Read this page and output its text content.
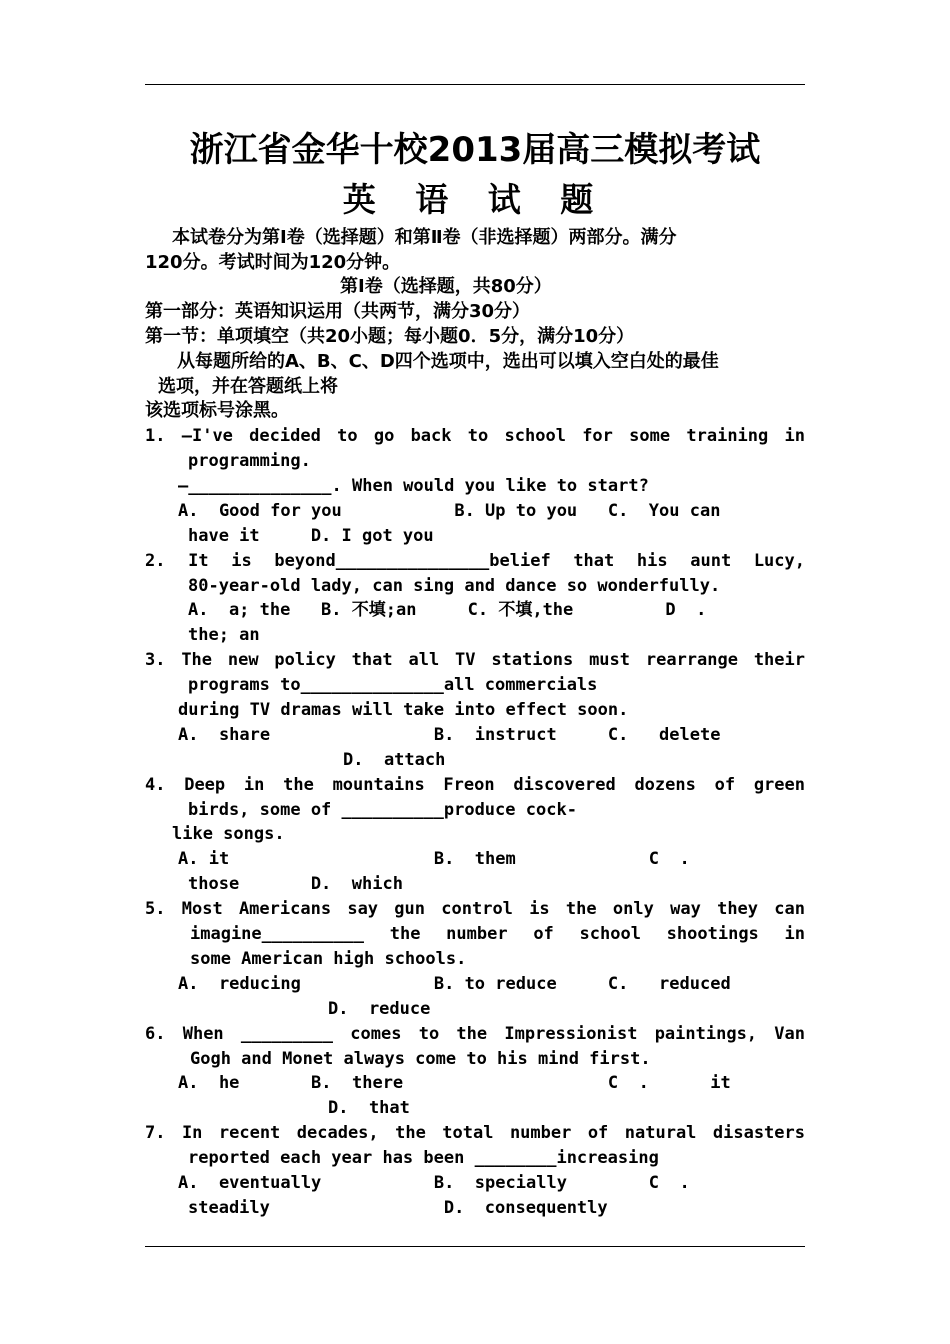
浙江省金华十校2013届高三模拟考试
英 语 试 题
本试卷分为第Ⅰ卷（选择题）和第Ⅱ卷（非选择题）两部分。满分
120分。考试时间为120分钟。
第Ⅰ卷（选择题，共80分）
第一部分：英语知识运用（共两节，满分30分）
第一节：单项填空（共20小题；每小题0．5分，满分10分）
从每题所给的A、B、C、D四个选项中，选出可以填入空白处的最佳
选项，并在答题纸上将
该选项标号涂黑。
1. —I've decided to go back to school for some training in
programming.
—______________. When would you like to start?
A.  Good for you           B. Up to you   C.  You can
have it     D. I got you
2. It is beyond_______________belief that his aunt Lucy,
80-year-old lady, can sing and dance so wonderfully.
A.  a; the   B. 不填;an     C. 不填,the         D  .
the; an
3. The new policy that all TV stations must rearrange their
programs to______________all commercials
during TV dramas will take into effect soon.
A.  share                B.  instruct     C.   delete
D.  attach
4. Deep in the mountains Freon discovered dozens of green
birds, some of __________produce cock-
like songs.
A. it                    B.  them             C  .
those       D.  which
5. Most Americans say gun control is the only way they can
imagine__________ the number of school shootings in
some American high schools.
A.  reducing             B. to reduce     C.   reduced
D.  reduce
6. When _________ comes to the Impressionist paintings, Van
Gogh and Monet always come to his mind first.
A.  he       B.  there                    C  .      it
D.  that
7. In recent decades, the total number of natural disasters
reported each year has been ________increasing
A.  eventually           B.  specially        C  .
steadily                 D.  consequently
